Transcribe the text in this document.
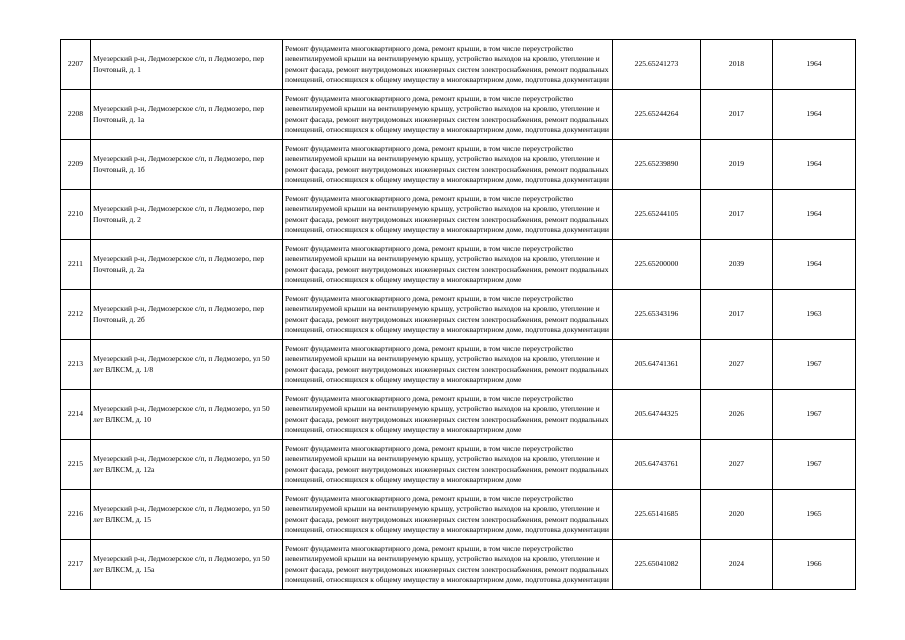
2207	Муезерский р-н, Ледмозерское с/п, п Ледмозеро, пер Почтовый, д. 1	Ремонт фундамента многоквартирного дома, ремонт крыши, в том числе переустройство невентилируемой крыши на вентилируемую крышу, устройство выходов на кровлю, утепление и ремонт фасада, ремонт внутридомовых инженерных систем электроснабжения, ремонт подвальных помещений, относящихся к общему имуществу в многоквартирном доме, подготовка документации	225.65241273	2018	1964
2208	Муезерский р-н, Ледмозерское с/п, п Ледмозеро, пер Почтовый, д. 1а	Ремонт фундамента многоквартирного дома, ремонт крыши, в том числе переустройство невентилируемой крыши на вентилируемую крышу, устройство выходов на кровлю, утепление и ремонт фасада, ремонт внутридомовых инженерных систем электроснабжения, ремонт подвальных помещений, относящихся к общему имуществу в многоквартирном доме, подготовка документации	225.65244264	2017	1964
2209	Муезерский р-н, Ледмозерское с/п, п Ледмозеро, пер Почтовый, д. 1б	Ремонт фундамента многоквартирного дома, ремонт крыши, в том числе переустройство невентилируемой крыши на вентилируемую крышу, устройство выходов на кровлю, утепление и ремонт фасада, ремонт внутридомовых инженерных систем электроснабжения, ремонт подвальных помещений, относящихся к общему имуществу в многоквартирном доме, подготовка документации	225.65239890	2019	1964
2210	Муезерский р-н, Ледмозерское с/п, п Ледмозеро, пер Почтовый, д. 2	Ремонт фундамента многоквартирного дома, ремонт крыши, в том числе переустройство невентилируемой крыши на вентилируемую крышу, устройство выходов на кровлю, утепление и ремонт фасада, ремонт внутридомовых инженерных систем электроснабжения, ремонт подвальных помещений, относящихся к общему имуществу в многоквартирном доме, подготовка документации	225.65244105	2017	1964
2211	Муезерский р-н, Ледмозерское с/п, п Ледмозеро, пер Почтовый, д. 2а	Ремонт фундамента многоквартирного дома, ремонт крыши, в том числе переустройство невентилируемой крыши на вентилируемую крышу, устройство выходов на кровлю, утепление и ремонт фасада, ремонт внутридомовых инженерных систем электроснабжения, ремонт подвальных помещений, относящихся к общему имуществу в многоквартирном доме	225.65200000	2039	1964
2212	Муезерский р-н, Ледмозерское с/п, п Ледмозеро, пер Почтовый, д. 2б	Ремонт фундамента многоквартирного дома, ремонт крыши, в том числе переустройство невентилируемой крыши на вентилируемую крышу, устройство выходов на кровлю, утепление и ремонт фасада, ремонт внутридомовых инженерных систем электроснабжения, ремонт подвальных помещений, относящихся к общему имуществу в многоквартирном доме, подготовка документации	225.65343196	2017	1963
2213	Муезерский р-н, Ледмозерское с/п, п Ледмозеро, ул 50 лет ВЛКСМ, д. 1/8	Ремонт фундамента многоквартирного дома, ремонт крыши, в том числе переустройство невентилируемой крыши на вентилируемую крышу, устройство выходов на кровлю, утепление и ремонт фасада, ремонт внутридомовых инженерных систем электроснабжения, ремонт подвальных помещений, относящихся к общему имуществу в многоквартирном доме	205.64741361	2027	1967
2214	Муезерский р-н, Ледмозерское с/п, п Ледмозеро, ул 50 лет ВЛКСМ, д. 10	Ремонт фундамента многоквартирного дома, ремонт крыши, в том числе переустройство невентилируемой крыши на вентилируемую крышу, устройство выходов на кровлю, утепление и ремонт фасада, ремонт внутридомовых инженерных систем электроснабжения, ремонт подвальных помещений, относящихся к общему имуществу в многоквартирном доме	205.64744325	2026	1967
2215	Муезерский р-н, Ледмозерское с/п, п Ледмозеро, ул 50 лет ВЛКСМ, д. 12а	Ремонт фундамента многоквартирного дома, ремонт крыши, в том числе переустройство невентилируемой крыши на вентилируемую крышу, устройство выходов на кровлю, утепление и ремонт фасада, ремонт внутридомовых инженерных систем электроснабжения, ремонт подвальных помещений, относящихся к общему имуществу в многоквартирном доме	205.64743761	2027	1967
2216	Муезерский р-н, Ледмозерское с/п, п Ледмозеро, ул 50 лет ВЛКСМ, д. 15	Ремонт фундамента многоквартирного дома, ремонт крыши, в том числе переустройство невентилируемой крыши на вентилируемую крышу, устройство выходов на кровлю, утепление и ремонт фасада, ремонт внутридомовых инженерных систем электроснабжения, ремонт подвальных помещений, относящихся к общему имуществу в многоквартирном доме, подготовка документации	225.65141685	2020	1965
2217	Муезерский р-н, Ледмозерское с/п, п Ледмозеро, ул 50 лет ВЛКСМ, д. 15а	Ремонт фундамента многоквартирного дома, ремонт крыши, в том числе переустройство невентилируемой крыши на вентилируемую крышу, устройство выходов на кровлю, утепление и ремонт фасада, ремонт внутридомовых инженерных систем электроснабжения, ремонт подвальных помещений, относящихся к общему имуществу в многоквартирном доме, подготовка документации	225.65041082	2024	1966
